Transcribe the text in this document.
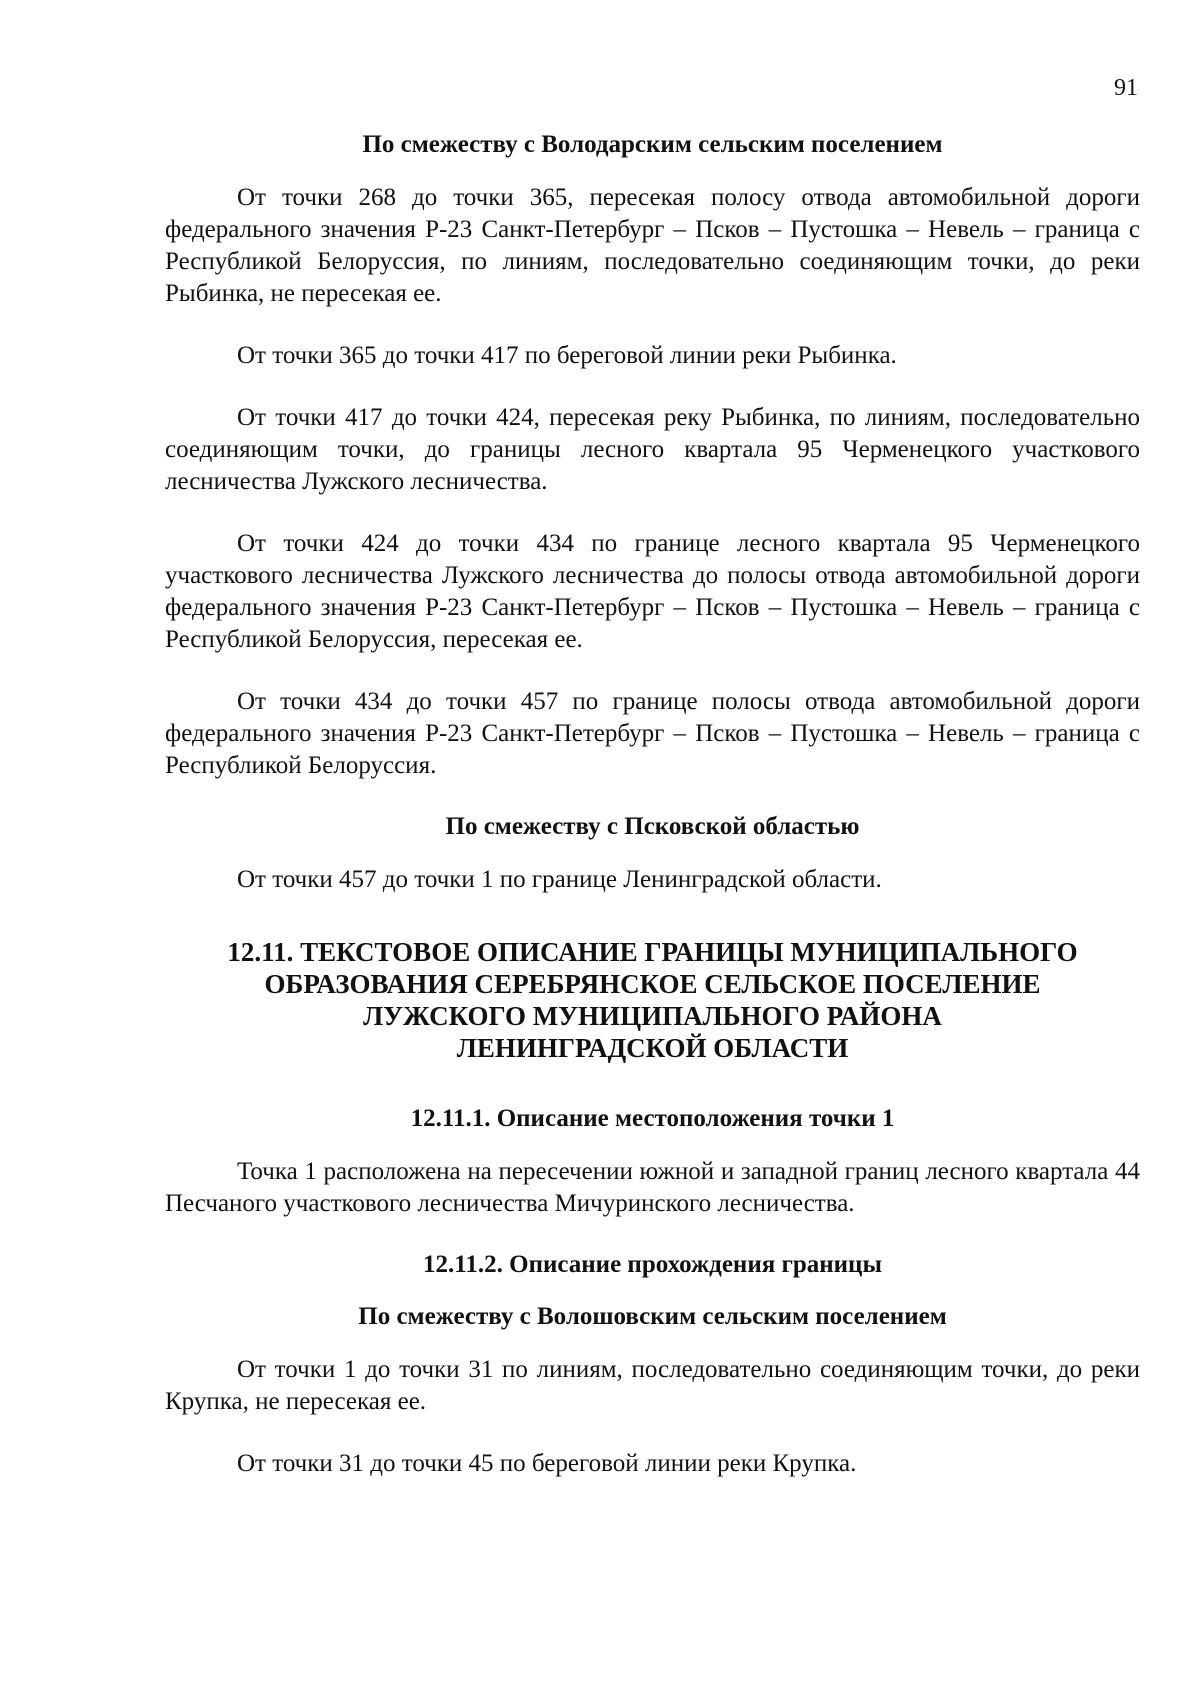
91

По смежеству с Володарским сельским поселением

От точки 268 до точки 365, пересекая полосу отвода автомобильной дороги федерального значения Р-23 Санкт-Петербург – Псков – Пустошка – Невель – граница с Республикой Белоруссия, по линиям, последовательно соединяющим точки, до реки Рыбинка, не пересекая ее.

От точки 365 до точки 417 по береговой линии реки Рыбинка.

От точки 417 до точки 424, пересекая реку Рыбинка, по линиям, последовательно соединяющим точки, до границы лесного квартала 95 Черменецкого участкового лесничества Лужского лесничества.

От точки 424 до точки 434 по границе лесного квартала 95 Черменецкого участкового лесничества Лужского лесничества до полосы отвода автомобильной дороги федерального значения Р-23 Санкт-Петербург – Псков – Пустошка – Невель – граница с Республикой Белоруссия, пересекая ее.

От точки 434 до точки 457 по границе полосы отвода автомобильной дороги федерального значения Р-23 Санкт-Петербург – Псков – Пустошка – Невель – граница с Республикой Белоруссия.

По смежеству с Псковской областью

От точки 457 до точки 1 по границе Ленинградской области.

12.11. ТЕКСТОВОЕ ОПИСАНИЕ ГРАНИЦЫ МУНИЦИПАЛЬНОГО

ОБРАЗОВАНИЯ СЕРЕБРЯНСКОЕ СЕЛЬСКОЕ ПОСЕЛЕНИЕ

ЛУЖСКОГО МУНИЦИПАЛЬНОГО РАЙОНА

ЛЕНИНГРАДСКОЙ ОБЛАСТИ

12.11.1. Описание местоположения точки 1

Точка 1 расположена на пересечении южной и западной границ лесного квартала 44 Песчаного участкового лесничества Мичуринского лесничества.

12.11.2. Описание прохождения границы

По смежеству с Волошовским сельским поселением

От точки 1 до точки 31 по линиям, последовательно соединяющим точки, до реки Крупка, не пересекая ее.

От точки 31 до точки 45 по береговой линии реки Крупка.
